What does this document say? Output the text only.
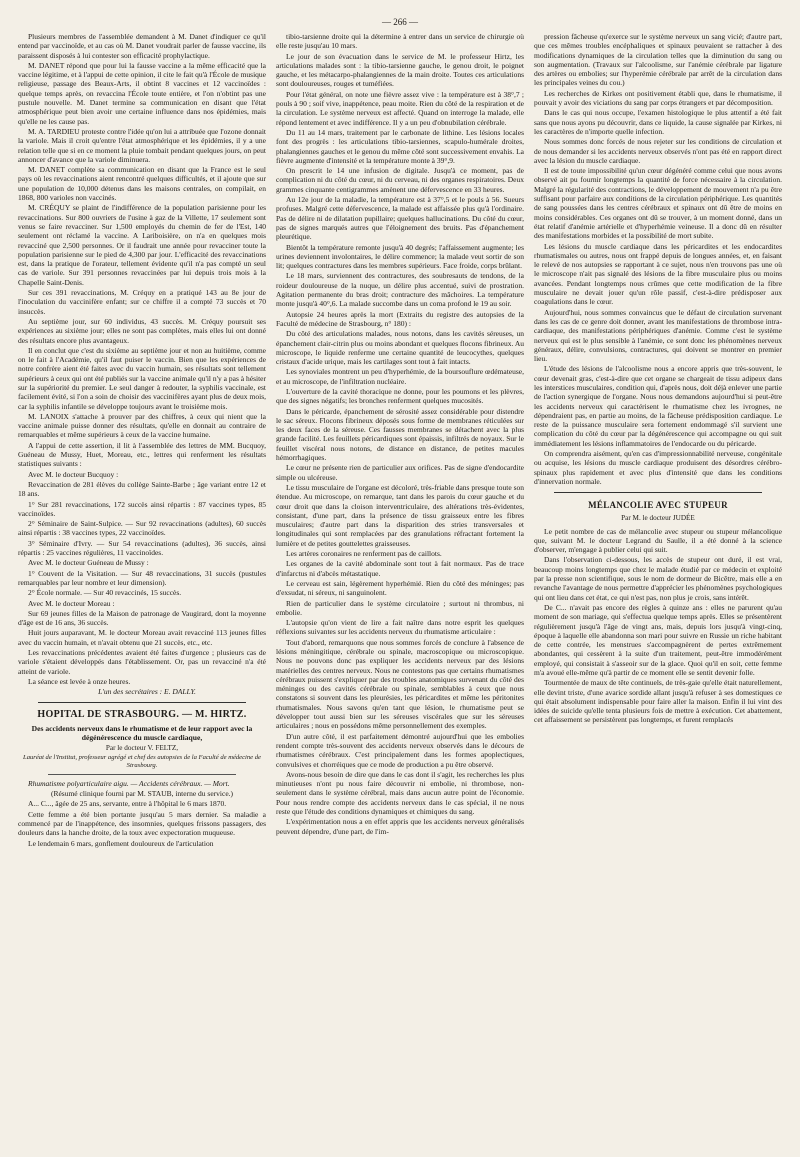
— 266 —

Plusieurs membres de l'assemblée demandent à M. Danet d'indiquer ce qu'il entend par vaccinoïde, et au cas où M. Danet voudrait parler de fausse vaccine, ils paraissent disposés à lui contester son efficacité prophylactique.

M. DANET répond que pour lui la fausse vaccine a la même efficacité que la vaccine légitime, et à l'appui de cette opinion, il cite le fait qu'à l'École de musique religieuse, passage des Beaux-Arts, il obtint 8 vaccines et 12 vaccinoïdes : quelque temps après, on revaccina l'École toute entière, et l'on n'obtint pas une pustule nouvelle. M. Danet termine sa communication en disant que l'état atmosphérique peut bien avoir une certaine influence dans nos épidémies, mais qu'elle ne les cause pas.

M. A. TARDIEU proteste contre l'idée qu'on lui a attribuée que l'ozone donnait la variole. Mais il croit qu'entre l'état atmosphérique et les épidémies, il y a une relation telle que si en ce moment la pluie tombait pendant quelques jours, on peut annoncer d'avance que la variole diminuera.

M. DANET complète sa communication en disant que la France est le seul pays où les revaccinations aient rencontré quelques difficultés, et il ajoute que sur une population de 10,000 détenus dans les maisons centrales, on compilait, en 1868, 800 varioles non vaccinés.

M. CRÉQUY se plaint de l'indifférence de la population parisienne pour les revaccinations. Sur 800 ouvriers de l'usine à gaz de la Villette, 17 seulement sont venus se faire revacciner. Sur 1,500 employés du chemin de fer de l'Est, 140 seulement ont réclamé la vaccine. A Lariboisière, on n'a en quelques mois revacciné que 2,500 personnes. Or il faudrait une année pour revacciner toute la population parisienne sur le pied de 4,300 par jour. L'efficacité des revaccinations est, dans la pratique de l'orateur, tellement évidente qu'il n'a pas compté un seul cas de variole. Sur 391 personnes revaccinées par lui depuis trois mois à la Chapelle Saint-Denis.

Sur ces 391 revaccinations, M. Créquy en a pratiqué 143 au 8e jour de l'inoculation du vaccinifère enfant; sur ce chiffre il a compté 73 succès et 70 insuccès.

Au septième jour, sur 60 individus, 43 succès. M. Créquy poursuit ses expériences au sixième jour; elles ne sont pas complètes, mais elles lui ont donné des résultats encore plus avantageux.

Il en conclut que c'est du sixième au septième jour et non au huitième, comme on le fait à l'Académie, qu'il faut puiser le vaccin. Bien que les expériences de notre confrère aient été faites avec du vaccin humain, ses résultats sont tellement supérieurs à ceux qui ont été publiés sur la vaccine animale qu'il n'y a pas à hésiter sur la supériorité du premier. Le seul danger à redouter, la syphilis vaccinale, est facilement évité, si l'on a soin de choisir des vaccinifères ayant plus de deux mois, car la syphilis infantile se développe toujours avant le troisième mois.

M. LANOIX s'attache à prouver par des chiffres, à ceux qui nient que la vaccine animale puisse donner des résultats, qu'elle en donnait au contraire de remarquables et même supérieurs à ceux de la vaccine humaine.

A l'appui de cette assertion, il lit à l'assemblée des lettres de MM. Bucquoy, Guéneau de Mussy, Huet, Moreau, etc., lettres qui renferment les résultats statistiques suivants :

Avec M. le docteur Bucquoy :

Revaccination de 281 élèves du collège Sainte-Barbe ; âge variant entre 12 et 18 ans.

1° Sur 281 revaccinations, 172 succès ainsi répartis : 87 vaccines types, 85 vaccinoïdes.

2° Séminaire de Saint-Sulpice. — Sur 92 revaccinations (adultes), 60 succès ainsi répartis : 38 vaccines types, 22 vaccinoïdes.

3° Séminaire d'Ivry. — Sur 54 revaccinations (adultes), 36 succès, ainsi répartis : 25 vaccines régulières, 11 vaccinoïdes.

Avec M. le docteur Guéneau de Mussy :

1° Couvent de la Visitation. — Sur 48 revaccinations, 31 succès (pustules remarquables par leur nombre et leur dimension).

2° École normale. — Sur 40 revaccinés, 15 succès.

Avec M. le docteur Moreau :

Sur 69 jeunes filles de la Maison de patronage de Vaugirard, dont la moyenne d'âge est de 16 ans, 36 succès.

Huit jours auparavant, M. le docteur Moreau avait revacciné 113 jeunes filles avec du vaccin humain, et n'avait obtenu que 21 succès, etc., etc.

Les revaccinations précédentes avaient été faites d'urgence ; plusieurs cas de variole s'étaient développés dans l'établissement. Or, pas un revacciné n'a été atteint de variole.

La séance est levée à onze heures.

L'un des secrétaires : E. DALLY.

HOPITAL DE STRASBOURG. — M. HIRTZ.
Des accidents nerveux dans le rhumatisme et de leur rapport avec la dégénérescence du muscle cardiaque,
Par le docteur V. FELTZ,
Lauréat de l'Institut, professeur agrégé et chef des autopsies de la Faculté de médecine de Strasbourg.

Rhumatisme polyarticulaire aigu. — Accidents cérébraux. — Mort.

(Résumé clinique fourni par M. STAUB, interne du service.)

A... C..., âgée de 25 ans, servante, entre à l'hôpital le 6 mars 1870.

Cette femme a été bien portante jusqu'au 5 mars dernier. Sa maladie a commencé par de l'inappétence, des insomnies, quelques frissons passagers, des douleurs dans la hanche droite, de la toux avec expectoration muqueuse.

Le lendemain 6 mars, gonflement douloureux de l'articulation

tibio-tarsienne droite qui la détermine à entrer dans un service de chirurgie où elle reste jusqu'au 10 mars.

Le jour de son évacuation dans le service de M. le professeur Hirtz, les articulations malades sont : la tibio-tarsienne gauche, le genou droit, le poignet gauche, et les métacarpo-phalangiennes de la main droite. Toutes ces articulations sont douloureuses, rouges et tuméfiées.

Pour l'état général, on note une fièvre assez vive : la température est à 38°,7 ; pouls à 90 ; soif vive, inappétence, peau moite. Rien du côté de la respiration et de la circulation. Le système nerveux est affecté. Quand on interroge la malade, elle répond lentement et avec indifférence. Il y a un peu d'obnubilation cérébrale.

Du 11 au 14 mars, traitement par le carbonate de lithine. Les lésions locales font des progrès : les articulations tibio-tarsiennes, scapulo-humérale droites, phalangiennes gauches et le genou du même côté sont successivement envahis. La fièvre augmente d'intensité et la température monte à 39°,9.

On prescrit le 14 une infusion de digitale. Jusqu'à ce moment, pas de complication ni du côté du cœur, ni du cerveau, ni des organes respiratoires. Deux grammes cinquante centigrammes amènent une défervescence en 33 heures.

Au 12e jour de la maladie, la température est à 37°,5 et le pouls à 56. Sueurs profuses. Malgré cette défervescence, la malade est affaissée plus qu'à l'ordinaire. Pas de délire ni de dilatation pupillaire; quelques hallucinations. Du côté du cœur, pas de signes marqués autres que l'éloignement des bruits. Pas d'épanchement pleurétique.

Bientôt la température remonte jusqu'à 40 degrés; l'affaissement augmente; les urines deviennent involontaires, le délire commence; la malade veut sortir de son lit; quelques contractures dans les membres supérieurs. Face froide, corps brûlant.

Le 18 mars, surviennent des contractures, des soubresauts de tendons, de la roideur douloureuse de la nuque, un délire plus accentué, suivi de prostration. Agitation permanente du bras droit; contracture des mâchoires. La température monte jusqu'à 40°,6. La malade succombe dans un coma profond le 19 au soir.

Autopsie 24 heures après la mort (Extraits du registre des autopsies de la Faculté de médecine de Strasbourg, n° 180) :

Du côté des articulations malades, nous notons, dans les cavités séreuses, un épanchement clair-citrin plus ou moins abondant et quelques flocons fibrineux. Au microscope, le liquide renferme une certaine quantité de leucocythes, quelques cristaux d'acide urique, mais les cartilages sont tout à fait intacts.

Les synoviales montrent un peu d'hyperhémie, de la boursouflure œdémateuse, et au microscope, de l'infiltration nucléaire.

L'ouverture de la cavité thoracique ne donne, pour les poumons et les plèvres, que des signes négatifs; les bronches renferment quelques mucosités.

Dans le péricarde, épanchement de sérosité assez considérable pour distendre le sac séreux. Flocons fibrineux déposés sous forme de membranes réticulées sur les deux faces de la séreuse. Ces fausses membranes se détachent avec la plus grande facilité. Les feuillets péricardiques sont épaissis, infiltrés de noyaux. Sur le feuillet viscéral nous notons, de distance en distance, de petites macules hémorrhagiques.

Le cœur ne présente rien de particulier aux orifices. Pas de signe d'endocardite simple ou ulcéreuse.

Le tissu musculaire de l'organe est décoloré, très-friable dans presque toute son étendue. Au microscope, on remarque, tant dans les parois du cœur gauche et du cœur droit que dans la cloison interventriculaire, des altérations très-évidentes, consistant, d'une part, dans la présence de tissu graisseux entre les fibres musculaires; d'autre part dans la disparition des stries transversales et longitudinales qui sont remplacées par des granulations réfractant fortement la lumière et de petites gouttelettes graisseuses.

Les artères coronaires ne renferment pas de caillots.

Les organes de la cavité abdominale sont tout à fait normaux. Pas de trace d'infarctus ni d'abcès métastatique.

Le cerveau est sain, légèrement hyperhémié. Rien du côté des méninges; pas d'exsudat, ni séreux, ni sanguinolent.

Rien de particulier dans le système circulatoire ; surtout ni thrombus, ni embolie.

L'autopsie qu'on vient de lire a fait naître dans notre esprit les quelques réflexions suivantes sur les accidents nerveux du rhumatisme articulaire :

Tout d'abord, remarquons que nous sommes forcés de conclure à l'absence de lésions méningitique, cérébrale ou spinale, macroscopique ou microscopique. Nous ne pouvons donc pas expliquer les accidents nerveux par des lésions matérielles des centres nerveux. Nous ne contestons pas que certains rhumatismes cérébraux puissent s'expliquer par des troubles anatomiques survenant du côté des méninges ou des cavités cérébrale ou spinale, semblables à ceux que nous constatons si souvent dans les pleurésies, les péricardites et même les péritonites rhumatismales. Nous savons qu'en tant que lésion, le rhumatisme peut se développer tout aussi bien sur les séreuses viscérales que sur les séreuses articulaires ; nous en possédons même personnellement des exemples.

D'un autre côté, il est parfaitement démontré aujourd'hui que les embolies rendent compte très-souvent des accidents nerveux observés dans le décours de rhumatismes cérébraux. C'est principalement dans les formes apoplectiques, convulsives et chorréiques que ce mode de production a pu être observé.

Avons-nous besoin de dire que dans le cas dont il s'agit, les recherches les plus minutieuses n'ont pu nous faire découvrir ni embolie, ni thrombose, non-seulement dans le système cérébral, mais dans aucun autre point de l'économie. Pour nous rendre compte des accidents nerveux dans le cas spécial, il ne nous reste que l'étude des conditions dynamiques et chimiques du sang.

L'expérimentation nous a en effet appris que les accidents nerveux généralisés peuvent dépendre, d'une part, de l'im-

pression fâcheuse qu'exerce sur le système nerveux un sang vicié; d'autre part, que ces mêmes troubles encéphaliques et spinaux peuvaient se rattacher à des modifications dynamiques de la circulation telles que la diminution du sang ou son augmentation. (Travaux sur l'alcoolisme, sur l'anémie cérébrale par ligature des artères ou embolies; sur l'hyperémie cérébrale par arrêt de la circulation dans les principales veines du cou.)

Les recherches de Kirkes ont positivement établi que, dans le rhumatisme, il pouvait y avoir des viciations du sang par corps étrangers et par décomposition.

Dans le cas qui nous occupe, l'examen histologique le plus attentif a été fait sans que nous ayons pu découvrir, dans ce liquide, la cause signalée par Kirkes, ni les caractères de n'importe quelle infection.

Nous sommes donc forcés de nous rejeter sur les conditions de circulation et de nous demander si les accidents nerveux observés n'ont pas été en rapport direct avec la lésion du muscle cardiaque.

Il est de toute impossibilité qu'un cœur dégénéré comme celui que nous avons observé ait pu fournir longtemps la quantité de force nécessaire à la circulation. Malgré la régularité des contractions, le développement de mouvement n'a pu être suffisant pour parfaire aux conditions de la circulation périphérique. Les quantités de sang poussées dans les centres cérébraux et spinaux ont dû être de moins en moins considérables. Ces organes ont dû se trouver, à un moment donné, dans un état relatif d'anémie artérielle et d'hyperhémie veineuse. Il a donc dû en résulter des manifestations morbides et la possibilité de mort subite.

Les lésions du muscle cardiaque dans les péricardites et les endocardites rhumatismales ou autres, nous ont frappé depuis de longues années, et, en faisant le relevé de nos autopsies se rapportant à ce sujet, nous n'en trouvons pas une où le microscope n'ait pas signalé des lésions de la fibre musculaire plus ou moins avancées. Pendant longtemps nous crûmes que cette modification de la fibre musculaire ne devait jouer qu'un rôle passif, c'est-à-dire prédisposer aux coagulations dans le cœur.

Aujourd'hui, nous sommes convaincus que le défaut de circulation survenant dans les cas de ce genre doit donner, avant les manifestations de thrombose intra-cardiaque, des manifestations périphériques d'anémie. Comme c'est le système nerveux qui est le plus sensible à l'anémie, ce sont donc les phénomènes nerveux généraux, délire, convulsions, contractures, qui doivent se montrer en premier lieu.

L'étude des lésions de l'alcoolisme nous a encore appris que très-souvent, le cœur devenait gras, c'est-à-dire que cet organe se chargeait de tissu adipeux dans les interstices musculaires, condition qui, d'après nous, doit déjà enlever une partie de l'action synergique de l'organe. Nous nous demandons aujourd'hui si peut-être les accidents nerveux qui caractérisent le rhumatisme chez les ivrognes, ne dépendraient pas, en partie au moins, de la fâcheuse prédisposition cardiaque. Le reste de la puissance musculaire sera fortement endommagé s'il survient une complication du côté du cœur par la dégénérescence qui accompagne ou qui suit immédiatement les lésions inflammatoires de l'endocarde ou du péricarde.

On comprendra aisément, qu'en cas d'impressionnabilité nerveuse, congénitale ou acquise, les lésions du muscle cardiaque produisent des désordres cérébro-spinaux plus rapidement et avec plus d'intensité que dans les conditions d'innervation normale.

MÉLANCOLIE AVEC STUPEUR
Par M. le docteur JUDÉE

Le petit nombre de cas de mélancolie avec stupeur ou stupeur mélancolique que, suivant M. le docteur Legrand du Saulle, il a été donné à la science d'observer, m'engage à publier celui qui suit.

Dans l'observation ci-dessous, les accès de stupeur ont duré, il est vrai, beaucoup moins longtemps que chez le malade étudié par ce médecin et exploité par la presse non scientifique, sous le nom de dormeur de Bicêtre, mais elle a en revanche l'avantage de nous permettre d'apprécier les phénomènes psychologiques qui ont lieu dans cet état, ce qui n'est pas, non plus je crois, sans intérêt.

De C... n'avait pas encore des règles à quinze ans : elles ne parurent qu'au moment de son mariage, qui s'effectua quelque temps après. Elles se présentèrent régulièrement jusqu'à l'âge de vingt ans, mais, depuis lors jusqu'à vingt-cinq, époque à laquelle elle abandonna son mari pour suivre en Russie un riche habitant de cette contrée, les menstrues s'accompagnèrent de pertes extrêmement abondantes, qui cessèrent à la suite d'un traitement, peut-être immodérément employé, qui consistait à s'asseoir sur de la glace. Quoi qu'il en soit, cette femme m'a avoué elle-même qu'à partir de ce moment elle se sentit devenir folle.

Tourmentée de maux de tête continuels, de très-gaie qu'elle était naturellement, elle devint triste, d'une avarice sordide allant jusqu'à refuser à ses domestiques ce qui était absolument indispensable pour faire aller la maison. Enfin il lui vint des idées de suicide qu'elle tenta plusieurs fois de mettre à exécution. Cet abattement, cet affaissement se persistèrent pas longtemps, et furent remplacés
